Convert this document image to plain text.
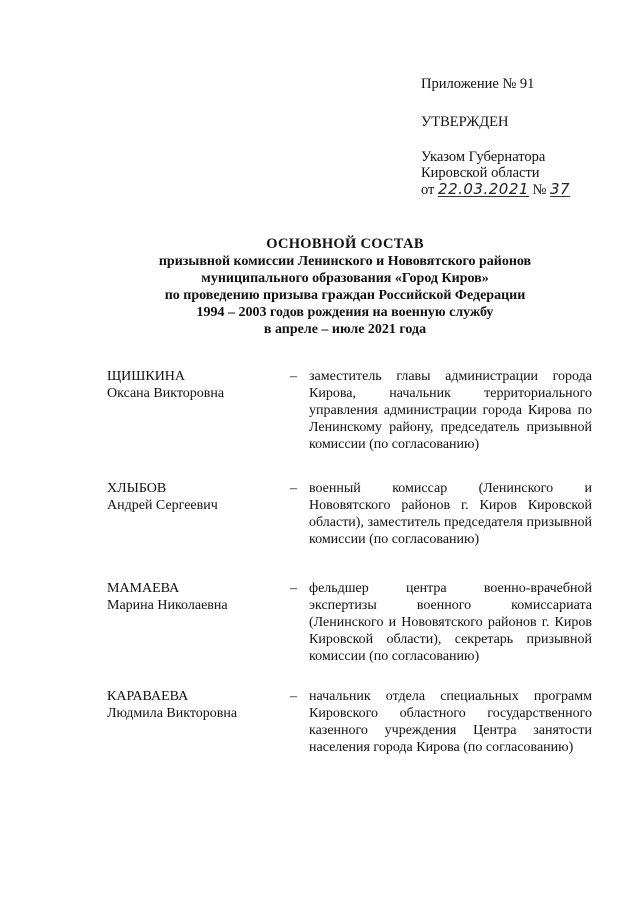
Приложение № 91
УТВЕРЖДЕН
Указом Губернатора
Кировской области
от 22.03.2021 № 37
ОСНОВНОЙ СОСТАВ
призывной комиссии Ленинского и Нововятского районов
муниципального образования «Город Киров»
по проведению призыва граждан Российской Федерации
1994 – 2003 годов рождения на военную службу
в апреле – июле 2021 года
ЩИШКИНА
Оксана Викторовна
– заместитель главы администрации города Кирова, начальник территориального управления администрации города Кирова по Ленинскому району, председатель призывной комиссии (по согласованию)
ХЛЫБОВ
Андрей Сергеевич
– военный комиссар (Ленинского и Нововятского районов г. Киров Кировской области), заместитель председателя призывной комиссии (по согласованию)
МАМАЕВА
Марина Николаевна
– фельдшер центра военно-врачебной экспертизы военного комиссариата (Ленинского и Нововятского районов г. Киров Кировской области), секретарь призывной комиссии (по согласованию)
КАРАВАЕВА
Людмила Викторовна
– начальник отдела специальных программ Кировского областного государственного казенного учреждения Центра занятости населения города Кирова (по согласованию)
